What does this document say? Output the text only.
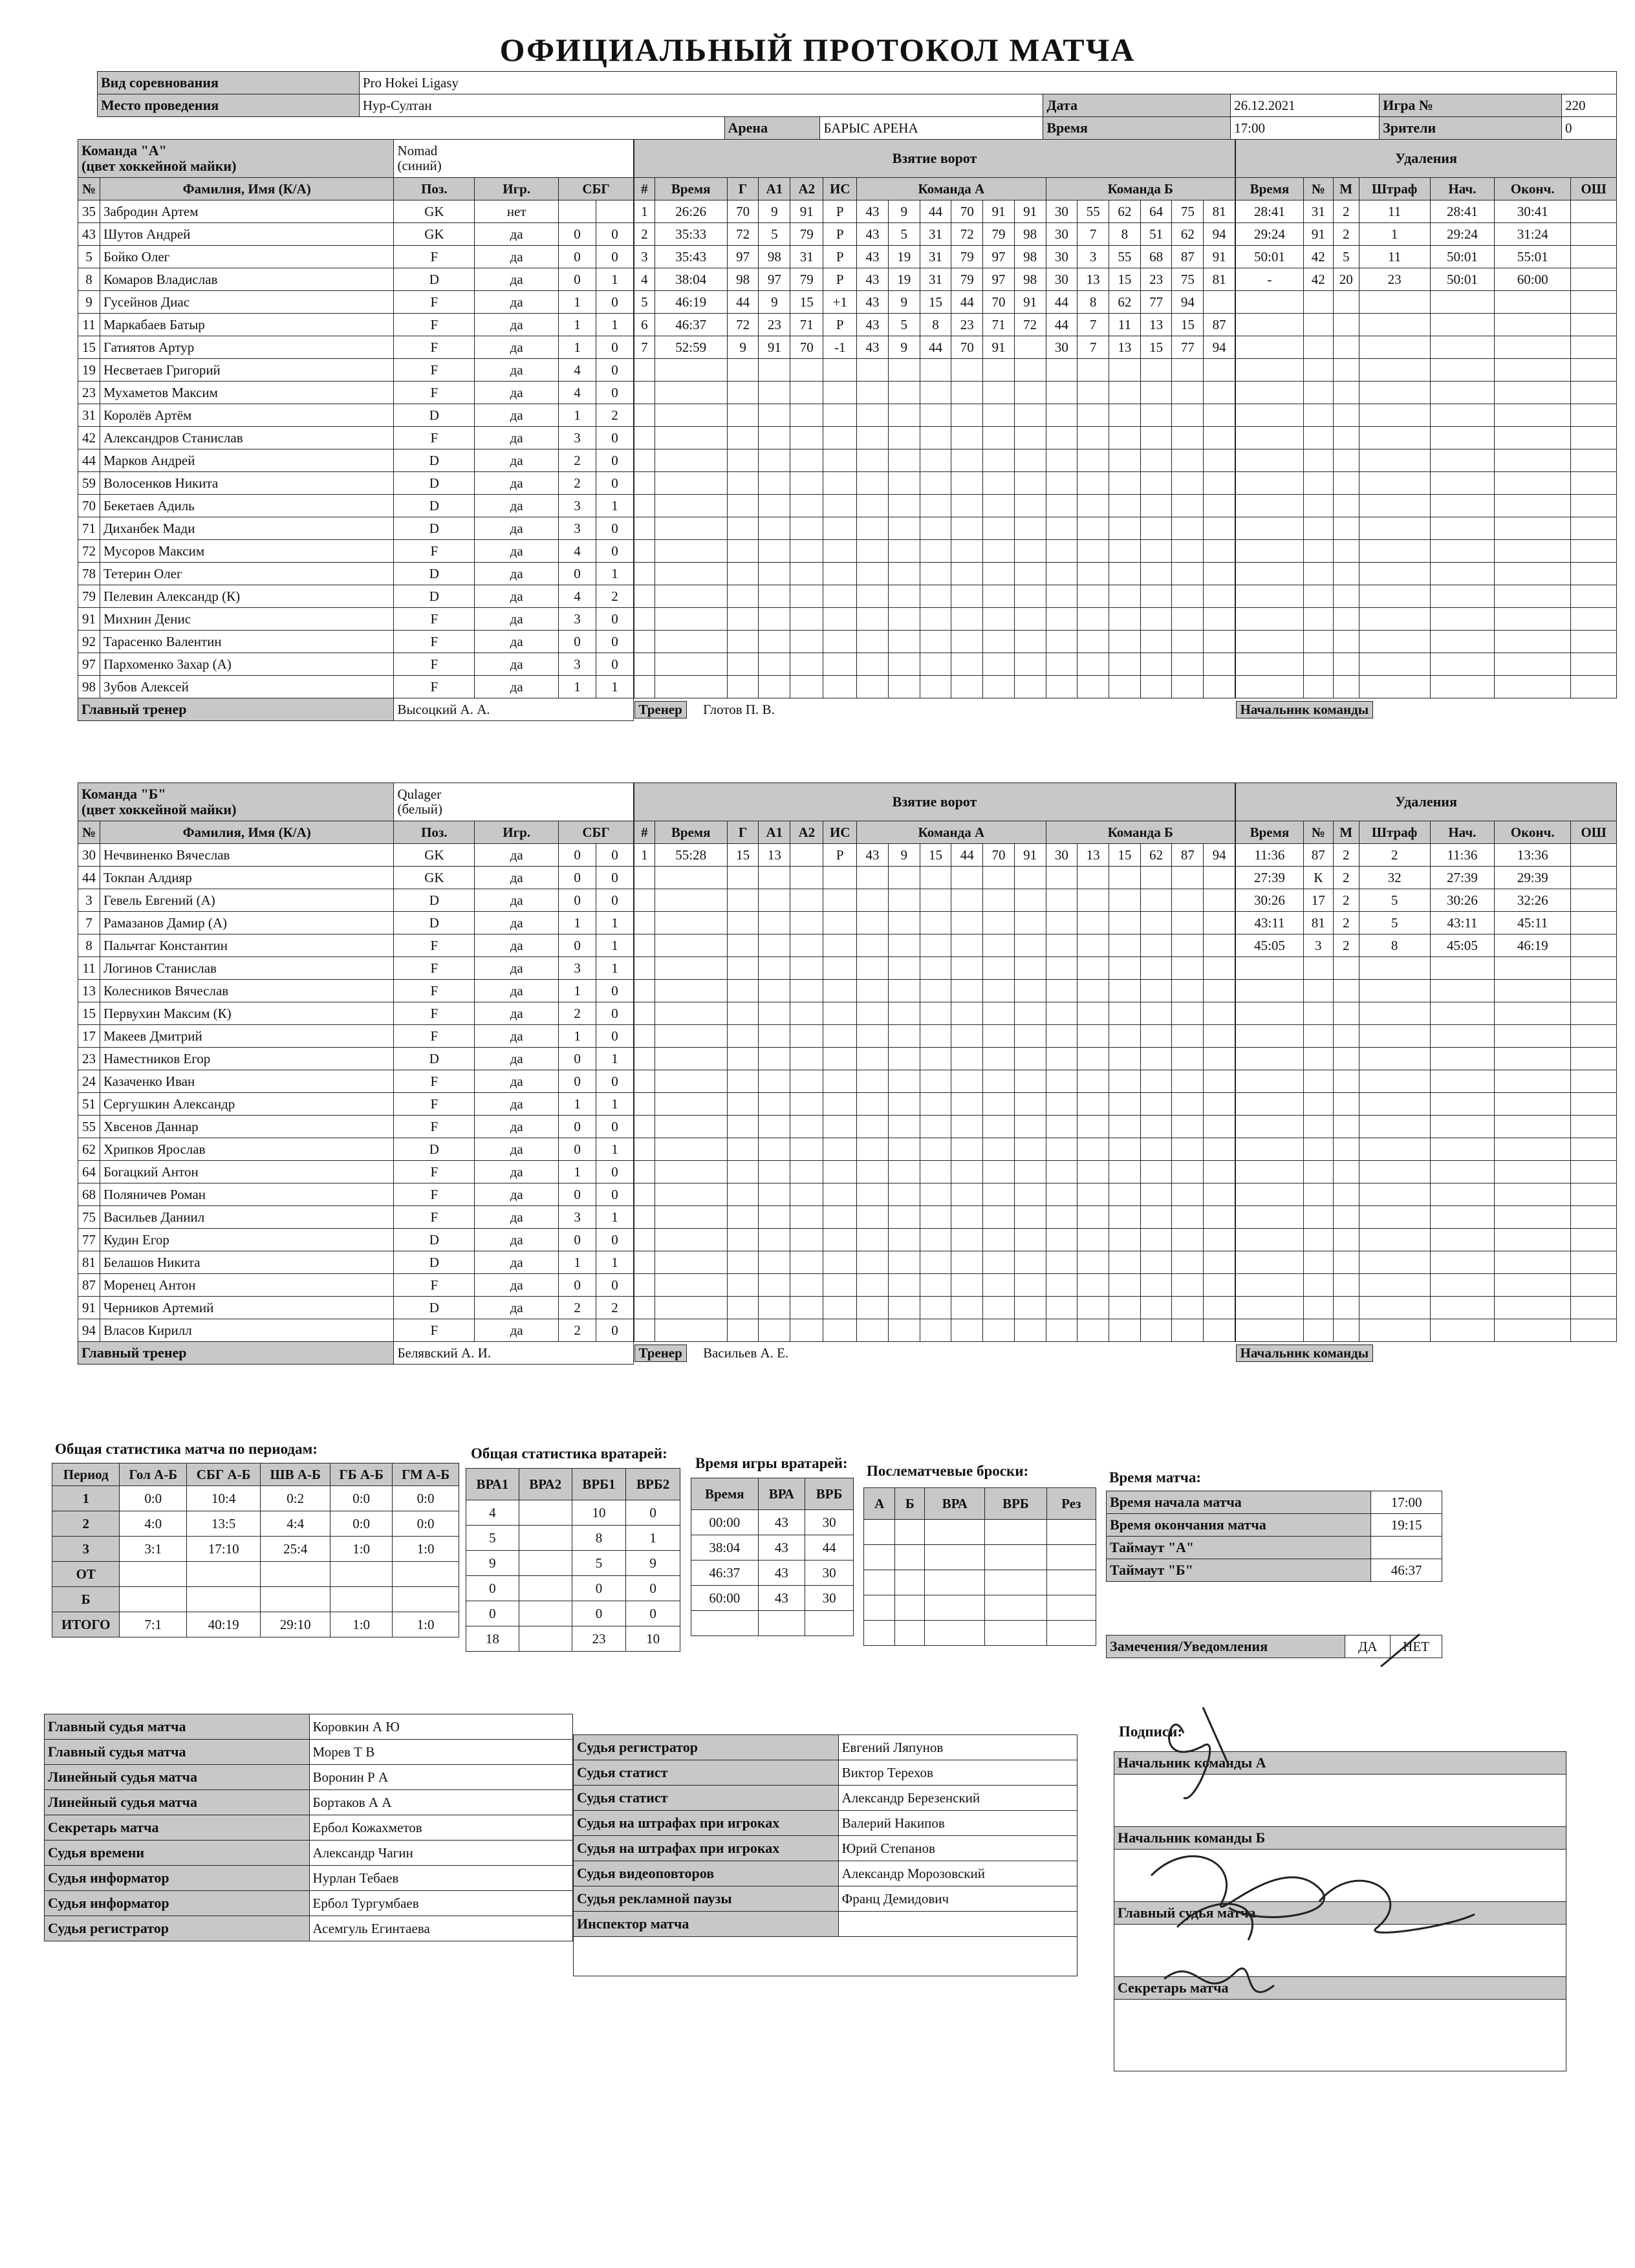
ОФИЦИАЛЬНЫЙ ПРОТОКОЛ МАТЧА
Вид соревнования	Pro Hokei Ligasy						
Место проведения	Нур-Султан			Дата	26.12.2021	Игра №	220
		Арена	БАРЫС АРЕНА	Время	17:00	Зрители	0
Команда "А"
(цвет хоккейной майки)		Nomad
(синий)			
№	Фамилия, Имя (К/А)	Поз.	Игр.	СБГ	
35	Забродин Артем	GK	нет		
43	Шутов Андрей	GK	да	0	0
5	Бойко Олег	F	да	0	0
8	Комаров Владислав	D	да	0	1
9	Гусейнов Диас	F	да	1	0
11	Маркабаев Батыр	F	да	1	1
15	Гатиятов Артур	F	да	1	0
19	Несветаев Григорий	F	да	4	0
23	Мухаметов Максим	F	да	4	0
31	Королёв Артём	D	да	1	2
42	Александров Станислав	F	да	3	0
44	Марков Андрей	D	да	2	0
59	Волосенков Никита	D	да	2	0
70	Бекетаев Адиль	D	да	3	1
71	Диханбек Мади	D	да	3	0
72	Мусоров Максим	F	да	4	0
78	Тетерин Олег	D	да	0	1
79	Пелевин Александр (К)	D	да	4	2
91	Михнин Денис	F	да	3	0
92	Тарасенко Валентин	F	да	0	0
97	Пархоменко Захар (А)	F	да	3	0
98	Зубов Алексей	F	да	1	1
Главный тренер		Высоцкий А. А.			
Взятие ворот																	
#	Время	Г	А1	А2	ИС	Команда А						Команда Б					
1	26:26	70	9	91	Р	43	9	44	70	91	91	30	55	62	64	75	81
2	35:33	72	5	79	Р	43	5	31	72	79	98	30	7	8	51	62	94
3	35:43	97	98	31	Р	43	19	31	79	97	98	30	3	55	68	87	91
4	38:04	98	97	79	Р	43	19	31	79	97	98	30	13	15	23	75	81
5	46:19	44	9	15	+1	43	9	15	44	70	91	44	8	62	77	94	
6	46:37	72	23	71	Р	43	5	8	23	71	72	44	7	11	13	15	87
7	52:59	9	91	70	-1	43	9	44	70	91		30	7	13	15	77	94

Тренер Глотов П. В.																	
Удаления						
Время	№	М	Штраф	Нач.	Оконч.	ОШ
28:41	31	2	11	28:41	30:41	
29:24	91	2	1	29:24	31:24	
50:01	42	5	11	50:01	55:01	
-	42	20	23	50:01	60:00	

Начальник команды						
Команда "Б"
(цвет хоккейной майки)		Qulager
(белый)			
№	Фамилия, Имя (К/А)	Поз.	Игр.	СБГ	
30	Нечвиненко Вячеслав	GK	да	0	0
44	Токпан Алдияр	GK	да	0	0
3	Гевель Евгений (А)	D	да	0	0
7	Рамазанов Дамир (А)	D	да	1	1
8	Пальчтаг Константин	F	да	0	1
11	Логинов Станислав	F	да	3	1
13	Колесников Вячеслав	F	да	1	0
15	Первухин Максим (К)	F	да	2	0
17	Макеев Дмитрий	F	да	1	0
23	Наместников Егор	D	да	0	1
24	Казаченко Иван	F	да	0	0
51	Сергушкин Александр	F	да	1	1
55	Хвсенов Даннар	F	да	0	0
62	Хрипков Ярослав	D	да	0	1
64	Богацкий Антон	F	да	1	0
68	Поляничев Роман	F	да	0	0
75	Васильев Даниил	F	да	3	1
77	Кудин Егор	D	да	0	0
81	Белашов Никита	D	да	1	1
87	Моренец Антон	F	да	0	0
91	Черников Артемий	D	да	2	2
94	Власов Кирилл	F	да	2	0
Главный тренер		Белявский А. И.			
Взятие ворот																	
#	Время	Г	А1	А2	ИС	Команда А						Команда Б					
1	55:28	15	13		Р	43	9	15	44	70	91	30	13	15	62	87	94

Тренер Васильев А. Е.																	
Удаления						
Время	№	М	Штраф	Нач.	Оконч.	ОШ
11:36	87	2	2	11:36	13:36	
27:39	К	2	32	27:39	29:39	
30:26	17	2	5	30:26	32:26	
43:11	81	2	5	43:11	45:11	
45:05	3	2	8	45:05	46:19	

Начальник команды						
Общая статистика матча по периодам:
Период	Гол А-Б	СБГ А-Б	ШВ А-Б	ГБ А-Б	ГМ А-Б
1	0:0	10:4	0:2	0:0	0:0
2	4:0	13:5	4:4	0:0	0:0
3	3:1	17:10	25:4	1:0	1:0
ОТ					
Б					
ИТОГО	7:1	40:19	29:10	1:0	1:0
Общая статистика вратарей:
ВРА1	ВРА2	ВРБ1	ВРБ2
4		10	0
5		8	1
9		5	9
0		0	0
0		0	0
18		23	10
Время игры вратарей:
Время	ВРА	ВРБ
00:00	43	30
38:04	43	44
46:37	43	30
60:00	43	30

Послематчевые броски:
А	Б	ВРА	ВРБ	Рез

Время матча:
Время начала матча	17:00
Время окончания матча	19:15
Таймаут "А"	
Таймаут "Б"	46:37
Замечения/Уведомления	ДА	НЕТ
Главный судья матча	Коровкин А Ю
Главный судья матча	Морев Т В
Линейный судья матча	Воронин Р А
Линейный судья матча	Бортаков А А
Секретарь матча	Ербол Кожахметов
Судья времени	Александр Чагин
Судья информатор	Нурлан Тебаев
Судья информатор	Ербол Тургумбаев
Судья регистратор	Асемгуль Егинтаева
Судья регистратор	Евгений Ляпунов
Судья статист	Виктор Терехов
Судья статист	Александр Березенский
Судья на штрафах при игроках	Валерий Накипов
Судья на штрафах при игроках	Юрий Степанов
Судья видеоповторов	Александр Морозовский
Судья рекламной паузы	Франц Демидович
Инспектор матча	

Подписи:
Начальник команды А

Начальник команды Б

Главный судья матча

Секретарь матча
